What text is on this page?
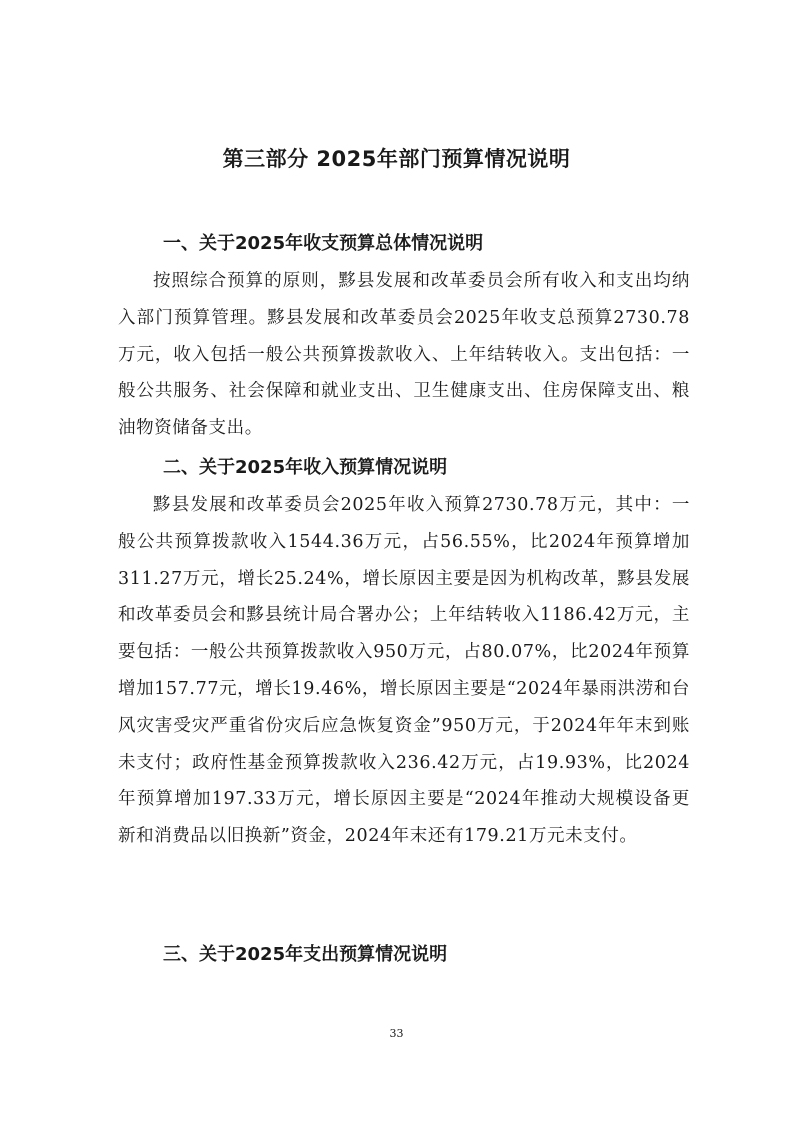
第三部分 2025年部门预算情况说明
一、关于2025年收支预算总体情况说明
按照综合预算的原则，黟县发展和改革委员会所有收入和支出均纳入部门预算管理。黟县发展和改革委员会2025年收支总预算2730.78万元，收入包括一般公共预算拨款收入、上年结转收入。支出包括：一般公共服务、社会保障和就业支出、卫生健康支出、住房保障支出、粮油物资储备支出。
二、关于2025年收入预算情况说明
黟县发展和改革委员会2025年收入预算2730.78万元，其中：一般公共预算拨款收入1544.36万元，占56.55%，比2024年预算增加311.27万元，增长25.24%，增长原因主要是因为机构改革，黟县发展和改革委员会和黟县统计局合署办公；上年结转收入1186.42万元，主要包括：一般公共预算拨款收入950万元，占80.07%，比2024年预算增加157.77元，增长19.46%，增长原因主要是“2024年暴雨洪涝和台风灾害受灾严重省份灾后应急恢复资金”950万元，于2024年年末到账未支付；政府性基金预算拨款收入236.42万元，占19.93%，比2024年预算增加197.33万元，增长原因主要是“2024年推动大规模设备更新和消费品以旧换新”资金，2024年末还有179.21万元未支付。
三、关于2025年支出预算情况说明
33
